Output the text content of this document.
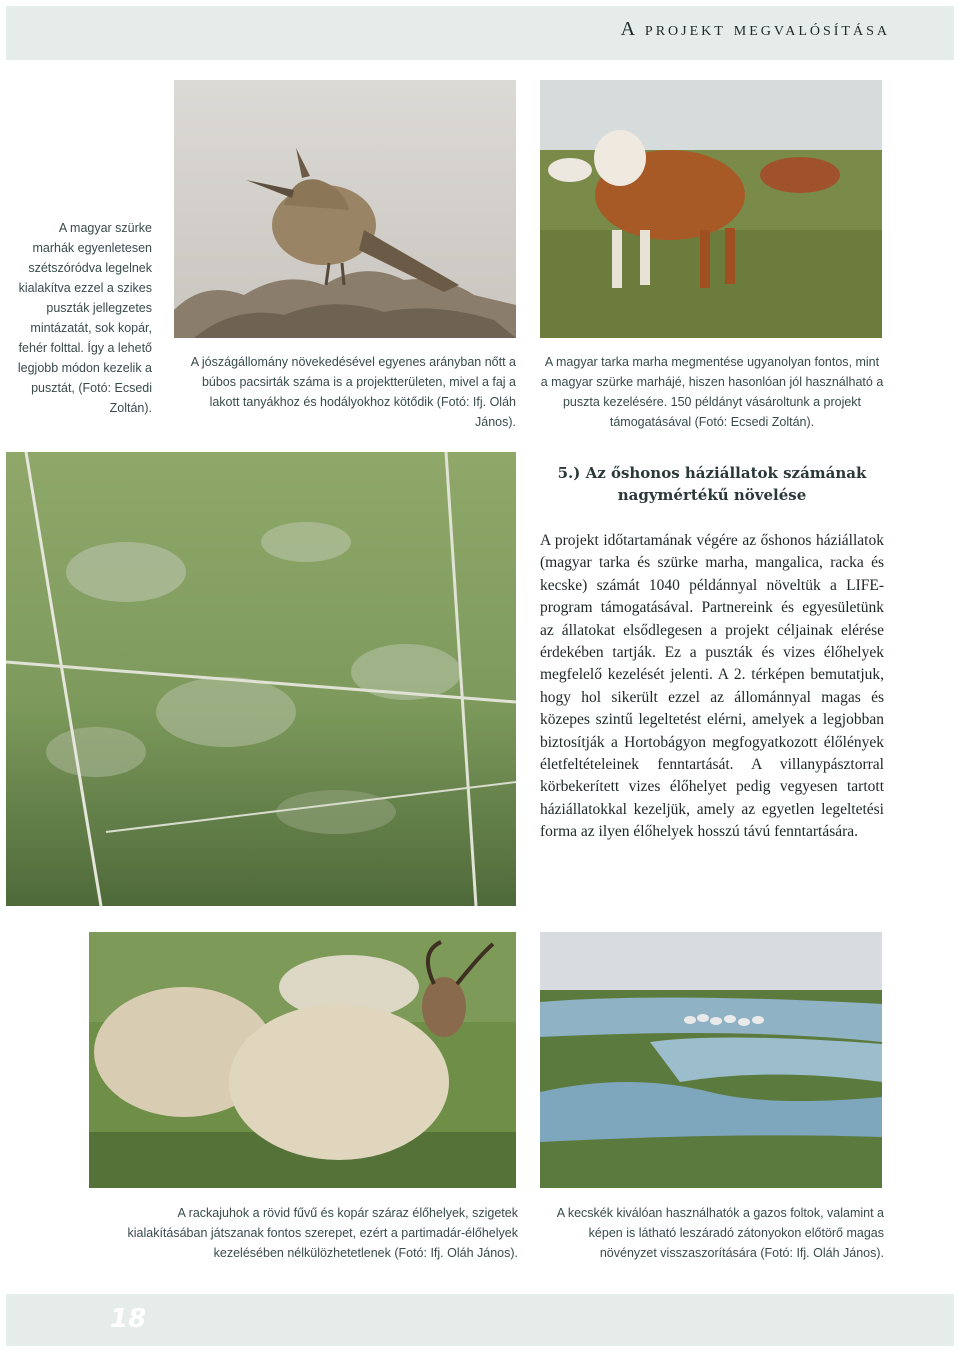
A projekt megvalósítása
A magyar szürke marhák egyenletesen szétszóródva legelnek kialakítva ezzel a szikes puszták jellegzetes mintázatát, sok kopár, fehér folttal. Így a lehető legjobb módon kezelik a pusztát, (Fotó: Ecsedi Zoltán).
A jószágállomány növekedésével egyenes arányban nőtt a búbos pacsirták száma is a projektterületen, mivel a faj a lakott tanyákhoz és hodályokhoz kötődik (Fotó: Ifj. Oláh János).
A magyar tarka marha megmentése ugyanolyan fontos, mint a magyar szürke marhájé, hiszen hasonlóan jól használható a puszta kezelésére. 150 példányt vásároltunk a projekt támogatásával (Fotó: Ecsedi Zoltán).
5.) Az őshonos háziállatok számának
nagymértékű növelése
A projekt időtartamának végére az őshonos háziállatok (magyar tarka és szürke marha, mangalica, racka és kecske) számát 1040 példánnyal növeltük a LIFE-program támogatásával. Partnereink és egyesületünk az állatokat elsődlegesen a projekt céljainak elérése érdekében tartják. Ez a puszták és vizes élőhelyek megfelelő kezelését jelenti. A 2. térképen bemutatjuk, hogy hol sikerült ezzel az állománnyal magas és közepes szintű legeltetést elérni, amelyek a legjobban biztosítják a Hortobágyon megfogyatkozott élőlények életfeltételeinek fenntartását. A villanypásztorral körbekerített vizes élőhelyet pedig vegyesen tartott háziállatokkal kezeljük, amely az egyetlen legeltetési forma az ilyen élőhelyek hosszú távú fenntartására.
A rackajuhok a rövid fűvű és kopár száraz élőhelyek, szigetek kialakításában játszanak fontos szerepet, ezért a partimadár-élőhelyek kezelésében nélkülözhetetlenek (Fotó: Ifj. Oláh János).
A kecskék kiválóan használhatók a gazos foltok, valamint a képen is látható leszáradó zátonyokon előtörő magas növényzet visszaszorítására (Fotó: Ifj. Oláh János).
18
